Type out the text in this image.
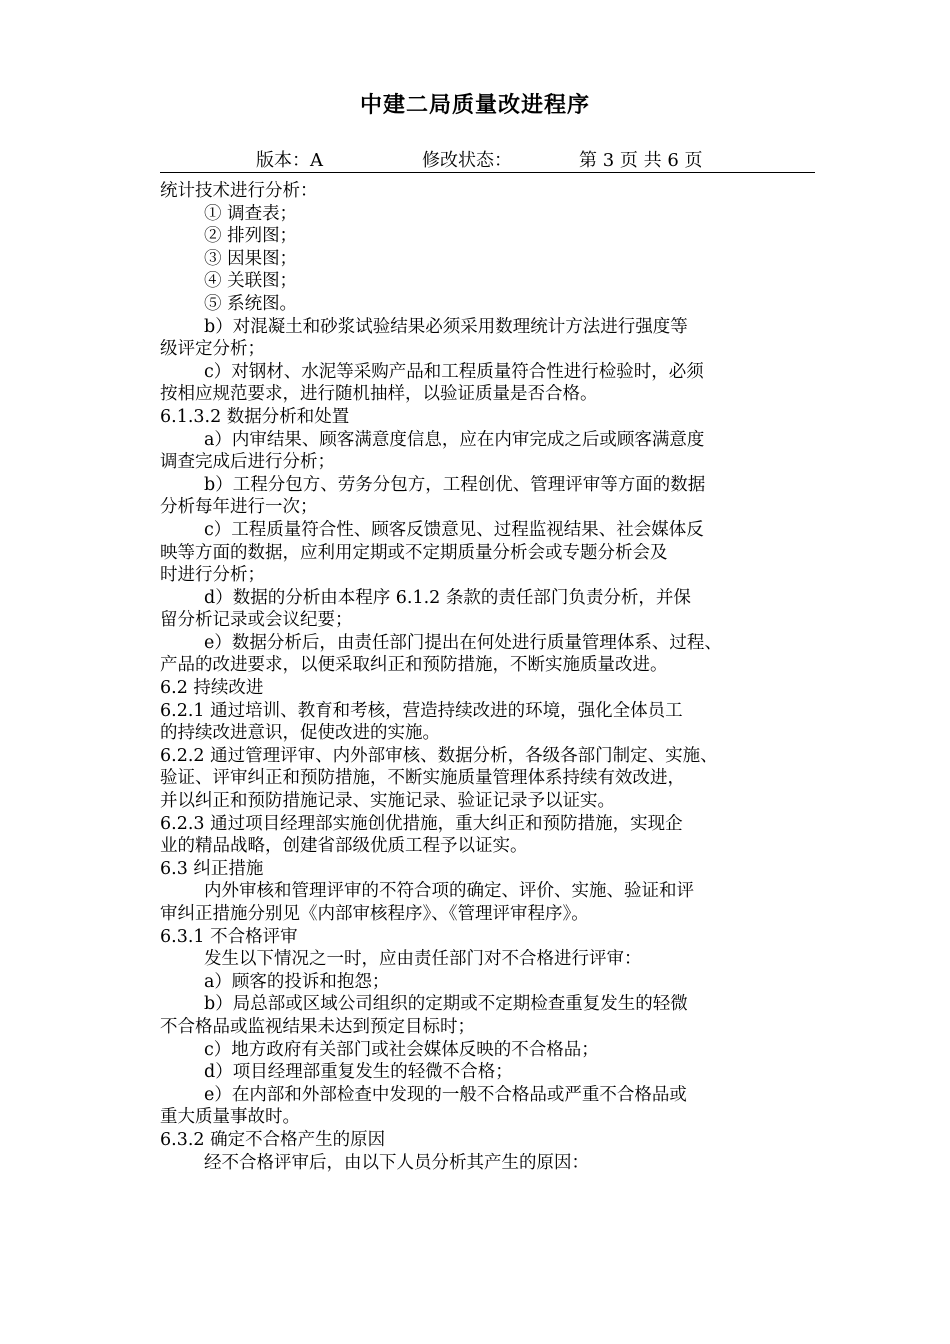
中建二局质量改进程序
版本：A	修改状态：	第 3 页 共 6 页
统计技术进行分析：
① 调查表；
② 排列图；
③ 因果图；
④ 关联图；
⑤ 系统图。
b）对混凝土和砂浆试验结果必须采用数理统计方法进行强度等
级评定分析；
c）对钢材、水泥等采购产品和工程质量符合性进行检验时，必须
按相应规范要求，进行随机抽样，以验证质量是否合格。
6.1.3.2 数据分析和处置
a）内审结果、顾客满意度信息，应在内审完成之后或顾客满意度
调查完成后进行分析；
b）工程分包方、劳务分包方，工程创优、管理评审等方面的数据
分析每年进行一次；
c）工程质量符合性、顾客反馈意见、过程监视结果、社会媒体反
映等方面的数据，应利用定期或不定期质量分析会或专题分析会及
时进行分析；
d）数据的分析由本程序 6.1.2 条款的责任部门负责分析，并保
留分析记录或会议纪要；
e）数据分析后，由责任部门提出在何处进行质量管理体系、过程、
产品的改进要求，以便采取纠正和预防措施，不断实施质量改进。
6.2 持续改进
6.2.1 通过培训、教育和考核，营造持续改进的环境，强化全体员工
的持续改进意识，促使改进的实施。
6.2.2 通过管理评审、内外部审核、数据分析，各级各部门制定、实施、
验证、评审纠正和预防措施，不断实施质量管理体系持续有效改进，
并以纠正和预防措施记录、实施记录、验证记录予以证实。
6.2.3 通过项目经理部实施创优措施，重大纠正和预防措施，实现企
业的精品战略，创建省部级优质工程予以证实。
6.3 纠正措施
内外审核和管理评审的不符合项的确定、评价、实施、验证和评
审纠正措施分别见《内部审核程序》、《管理评审程序》。
6.3.1 不合格评审
发生以下情况之一时，应由责任部门对不合格进行评审：
a）顾客的投诉和抱怨；
b）局总部或区域公司组织的定期或不定期检查重复发生的轻微
不合格品或监视结果未达到预定目标时；
c）地方政府有关部门或社会媒体反映的不合格品；
d）项目经理部重复发生的轻微不合格；
e）在内部和外部检查中发现的一般不合格品或严重不合格品或
重大质量事故时。
6.3.2 确定不合格产生的原因
经不合格评审后，由以下人员分析其产生的原因：
